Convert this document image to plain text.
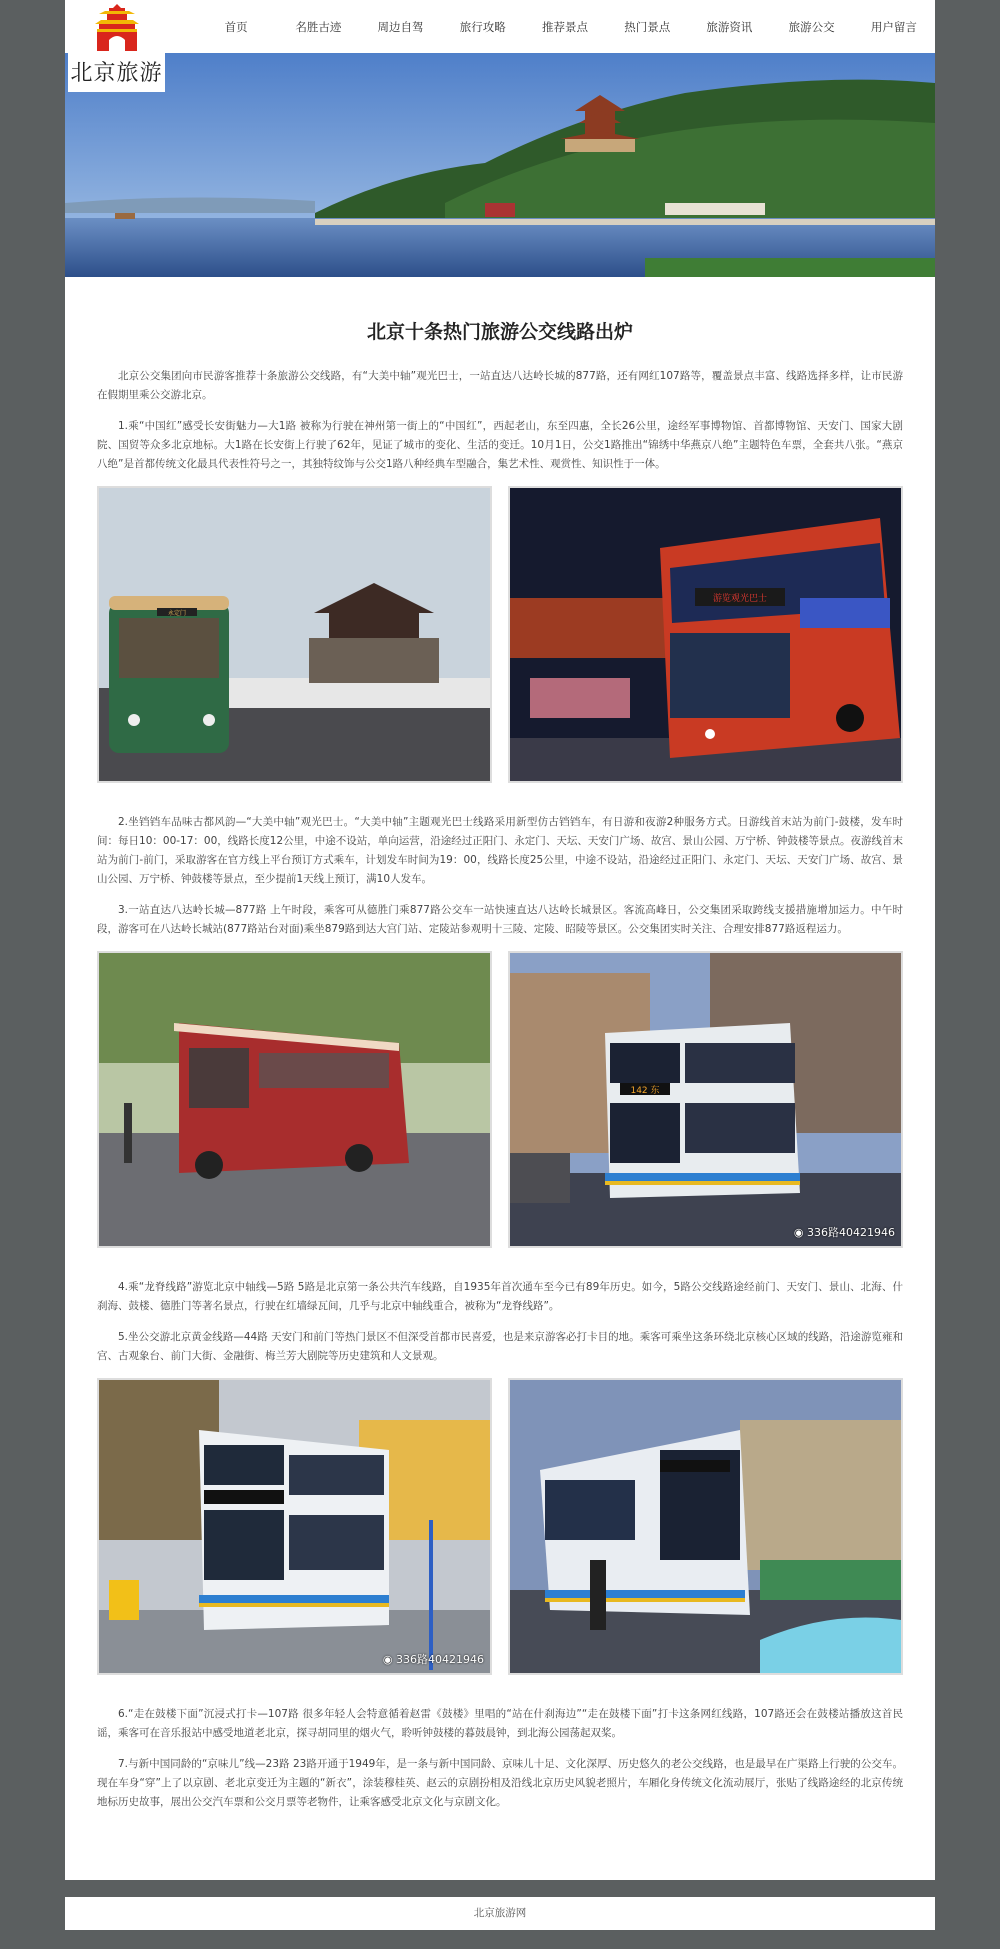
北京旅游
首页	名胜古迹	周边自驾	旅行攻略	推荐景点	热门景点	旅游资讯	旅游公交	用户留言
北京十条热门旅游公交线路出炉

北京公交集团向市民游客推荐十条旅游公交线路，有“大美中轴”观光巴士，一站直达八达岭长城的877路，还有网红107路等，覆盖景点丰富、线路选择多样，让市民游在假期里乘公交游北京。

1.乘“中国红”感受长安街魅力—大1路 被称为行驶在神州第一街上的“中国红”，西起老山，东至四惠，全长26公里，途经军事博物馆、首都博物馆、天安门、国家大剧院、国贸等众多北京地标。大1路在长安街上行驶了62年，见证了城市的变化、生活的变迁。10月1日，公交1路推出“锦绣中华燕京八绝”主题特色车票，全套共八张。“燕京八绝”是首都传统文化最具代表性符号之一，其独特纹饰与公交1路八种经典车型融合，集艺术性、观赏性、知识性于一体。

永定门
游览观光巴士

2.坐铛铛车品味古都风韵—“大美中轴”观光巴士。“大美中轴”主题观光巴士线路采用新型仿古铛铛车，有日游和夜游2种服务方式。日游线首末站为前门-鼓楼，发车时间：每日10：00-17：00，线路长度12公里，中途不设站，单向运营，沿途经过正阳门、永定门、天坛、天安门广场、故宫、景山公园、万宁桥、钟鼓楼等景点。夜游线首末站为前门-前门，采取游客在官方线上平台预订方式乘车，计划发车时间为19：00，线路长度25公里，中途不设站，沿途经过正阳门、永定门、天坛、天安门广场、故宫、景山公园、万宁桥、钟鼓楼等景点，至少提前1天线上预订，满10人发车。

3.一站直达八达岭长城—877路 上午时段，乘客可从德胜门乘877路公交车一站快速直达八达岭长城景区。客流高峰日，公交集团采取跨线支援措施增加运力。中午时段，游客可在八达岭长城站(877路站台对面)乘坐879路到达大宫门站、定陵站参观明十三陵、定陵、昭陵等景区。公交集团实时关注、合理安排877路返程运力。

142 东
◉ 336路40421946

4.乘“龙脊线路”游览北京中轴线—5路 5路是北京第一条公共汽车线路，自1935年首次通车至今已有89年历史。如今，5路公交线路途经前门、天安门、景山、北海、什刹海、鼓楼、德胜门等著名景点，行驶在红墙绿瓦间，几乎与北京中轴线重合，被称为“龙脊线路”。

5.坐公交游北京黄金线路—44路 天安门和前门等热门景区不但深受首都市民喜爱，也是来京游客必打卡目的地。乘客可乘坐这条环绕北京核心区域的线路，沿途游览雍和宫、古观象台、前门大街、金融街、梅兰芳大剧院等历史建筑和人文景观。

◉ 336路40421946

6.“走在鼓楼下面”沉浸式打卡—107路 很多年轻人会特意循着赵雷《鼓楼》里唱的“站在什刹海边”“走在鼓楼下面”打卡这条网红线路，107路还会在鼓楼站播放这首民谣，乘客可在音乐报站中感受地道老北京，探寻胡同里的烟火气，聆听钟鼓楼的暮鼓晨钟，到北海公园荡起双桨。

7.与新中国同龄的“京味儿”线—23路 23路开通于1949年，是一条与新中国同龄、京味儿十足、文化深厚、历史悠久的老公交线路，也是最早在广渠路上行驶的公交车。现在车身“穿”上了以京剧、老北京变迁为主题的“新衣”，涂装穆桂英、赵云的京剧扮相及沿线北京历史风貌老照片，车厢化身传统文化流动展厅，张贴了线路途经的北京传统地标历史故事，展出公交汽车票和公交月票等老物件，让乘客感受北京文化与京剧文化。

北京旅游网
